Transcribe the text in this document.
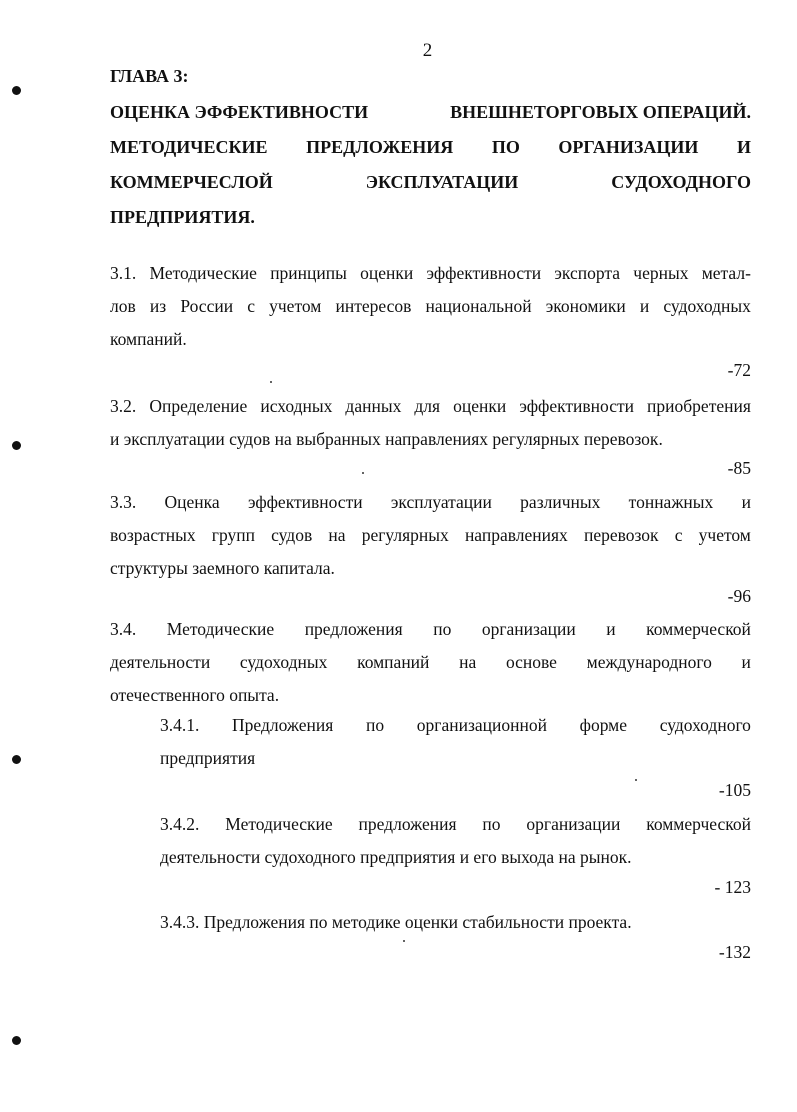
2
ГЛАВА 3:
ОЦЕНКА ЭФФЕКТИВНОСТИ	ВНЕШНЕТОРГОВЫХ ОПЕРАЦИЙ.
МЕТОДИЧЕСКИЕ ПРЕДЛОЖЕНИЯ ПО ОРГАНИЗАЦИИ И
КОММЕРЧЕСЛОЙ	ЭКСПЛУАТАЦИИ	СУДОХОДНОГО
ПРЕДПРИЯТИЯ.
3.1. Методические принципы оценки эффективности экспорта черных метал-
лов из России с учетом интересов национальной экономики и судоходных
компаний.
-72
3.2. Определение исходных данных для оценки эффективности приобретения
и эксплуатации судов на выбранных направлениях регулярных перевозок.
-85
3.3. Оценка эффективности эксплуатации различных тоннажных и
возрастных групп судов на регулярных направлениях перевозок с учетом
структуры заемного капитала.
-96
3.4. Методические предложения по организации и коммерческой
деятельности судоходных компаний на основе международного и
отечественного опыта.
3.4.1. Предложения по организационной форме судоходного
предприятия
-105
3.4.2. Методические предложения по организации коммерческой
деятельности судоходного предприятия и его выхода на рынок.
- 123
3.4.3. Предложения по методике оценки стабильности проекта.
-132
